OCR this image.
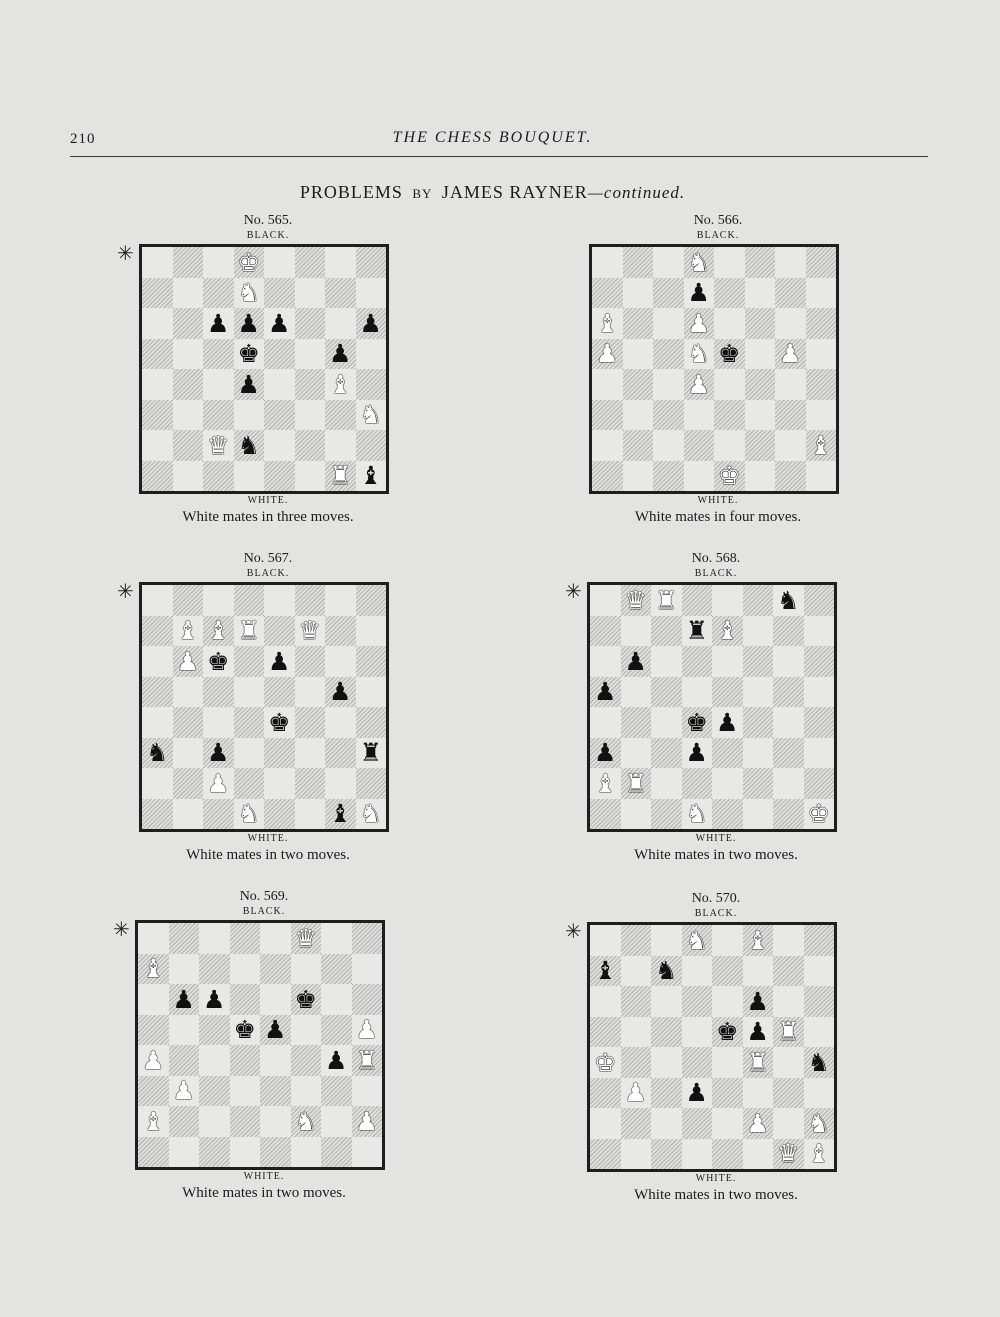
210	THE CHESS BOUQUET.
PROBLEMS BY JAMES RAYNER—continued.
No. 565.
BLACK.
✳	♚
♞
♟ ♟ ♟	♟
♚	♟
♟	♝
♞
♛ ♞
♜ ♝
WHITE.
White mates in three moves.
No. 566.
BLACK.
♞
♟
♝	♟
♟	♞ ♚ ♟
♟
♝
♚
WHITE.
White mates in four moves.
No. 567.
BLACK.
✳
♝ ♝ ♜ ♛
♟ ♚ ♟
♟
♚
♞ ♟	♜
♟
♞	♝ ♞
WHITE.
White mates in two moves.
No. 568.
BLACK.
✳ ♛ ♜	♞
♜ ♝
♟
♟
♚ ♟
♟	♟
♝ ♜
♞	♚
WHITE.
White mates in two moves.
No. 569.
BLACK.
✳	♛
♝
♟ ♟	♚
♚ ♟	♟
♟	♟ ♜
♟
♝	♞ ♟
WHITE.
White mates in two moves.
No. 570.
BLACK.
✳	♞ ♝
♝ ♞
♟
♚ ♟ ♜
♚	♜ ♞
♟ ♟
♟ ♞
♛ ♝
WHITE.
White mates in two moves.
